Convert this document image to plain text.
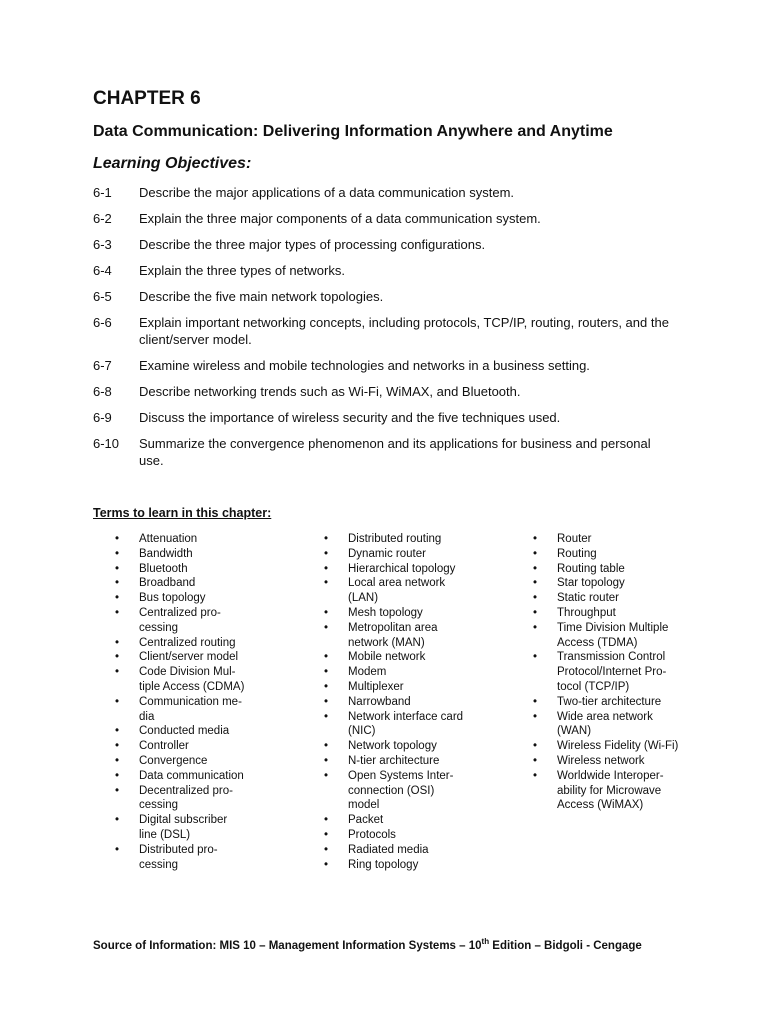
CHAPTER 6
Data Communication: Delivering Information Anywhere and Anytime
Learning Objectives:
6-1	Describe the major applications of a data communication system.
6-2	Explain the three major components of a data communication system.
6-3	Describe the three major types of processing configurations.
6-4	Explain the three types of networks.
6-5	Describe the five main network topologies.
6-6	Explain important networking concepts, including protocols, TCP/IP, routing, routers, and the client/server model.
6-7	Examine wireless and mobile technologies and networks in a business setting.
6-8	Describe networking trends such as Wi-Fi, WiMAX, and Bluetooth.
6-9	Discuss the importance of wireless security and the five techniques used.
6-10	Summarize the convergence phenomenon and its applications for business and personal use.

Terms to learn in this chapter:

• Attenuation
• Bandwidth
• Bluetooth
• Broadband
• Bus topology
• Centralized pro-cessing
• Centralized routing
• Client/server model
• Code Division Mul-tiple Access (CDMA)
• Communication me-dia
• Conducted media
• Controller
• Convergence
• Data communication
• Decentralized pro-cessing
• Digital subscriber line (DSL)
• Distributed pro-cessing
• Distributed routing
• Dynamic router
• Hierarchical topology
• Local area network (LAN)
• Mesh topology
• Metropolitan area network (MAN)
• Mobile network
• Modem
• Multiplexer
• Narrowband
• Network interface card (NIC)
• Network topology
• N-tier architecture
• Open Systems Inter-connection (OSI) model
• Packet
• Protocols
• Radiated media
• Ring topology
• Router
• Routing
• Routing table
• Star topology
• Static router
• Throughput
• Time Division Multiple Access (TDMA)
• Transmission Control Protocol/Internet Pro-tocol (TCP/IP)
• Two-tier architecture
• Wide area network (WAN)
• Wireless Fidelity (Wi-Fi)
• Wireless network
• Worldwide Interoper-ability for Microwave Access (WiMAX)

Source of Information: MIS 10 – Management Information Systems – 10th Edition – Bidgoli - Cengage
